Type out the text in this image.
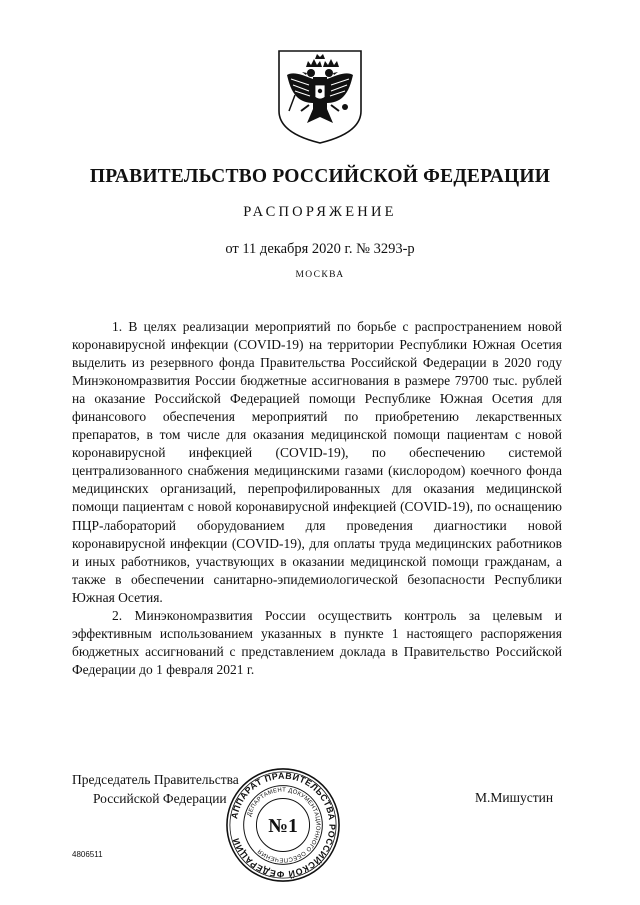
ПРАВИТЕЛЬСТВО РОССИЙСКОЙ ФЕДЕРАЦИИ
РАСПОРЯЖЕНИЕ
от 11 декабря 2020 г. № 3293-р
МОСКВА

1. В целях реализации мероприятий по борьбе с распространением новой коронавирусной инфекции (COVID-19) на территории Республики Южная Осетия выделить из резервного фонда Правительства Российской Федерации в 2020 году Минэкономразвития России бюджетные ассигнования в размере 79700 тыс. рублей на оказание Российской Федерацией помощи Республике Южная Осетия для финансового обеспечения мероприятий по приобретению лекарственных препаратов, в том числе для оказания медицинской помощи пациентам с новой коронавирусной инфекцией (COVID-19), по обеспечению системой централизованного снабжения медицинскими газами (кислородом) коечного фонда медицинских организаций, перепрофилированных для оказания медицинской помощи пациентам с новой коронавирусной инфекцией (COVID-19), по оснащению ПЦР-лабораторий оборудованием для проведения диагностики новой коронавирусной инфекции (COVID-19), для оплаты труда медицинских работников и иных работников, участвующих в оказании медицинской помощи гражданам, а также в обеспечении санитарно-эпидемиологической безопасности Республики Южная Осетия.

2. Минэкономразвития России осуществить контроль за целевым и эффективным использованием указанных в пункте 1 настоящего распоряжения бюджетных ассигнований с представлением доклада в Правительство Российской Федерации до 1 февраля 2021 г.

Председатель Правительства
Российской Федерации	М.Мишустин
АППАРАТ ПРАВИТЕЛЬСТВА РОССИЙСКОЙ ФЕДЕРАЦИИ
ДЕПАРТАМЕНТ ДОКУМЕНТАЦИОННОГО ОБЕСПЕЧЕНИЯ
№1
4806511
